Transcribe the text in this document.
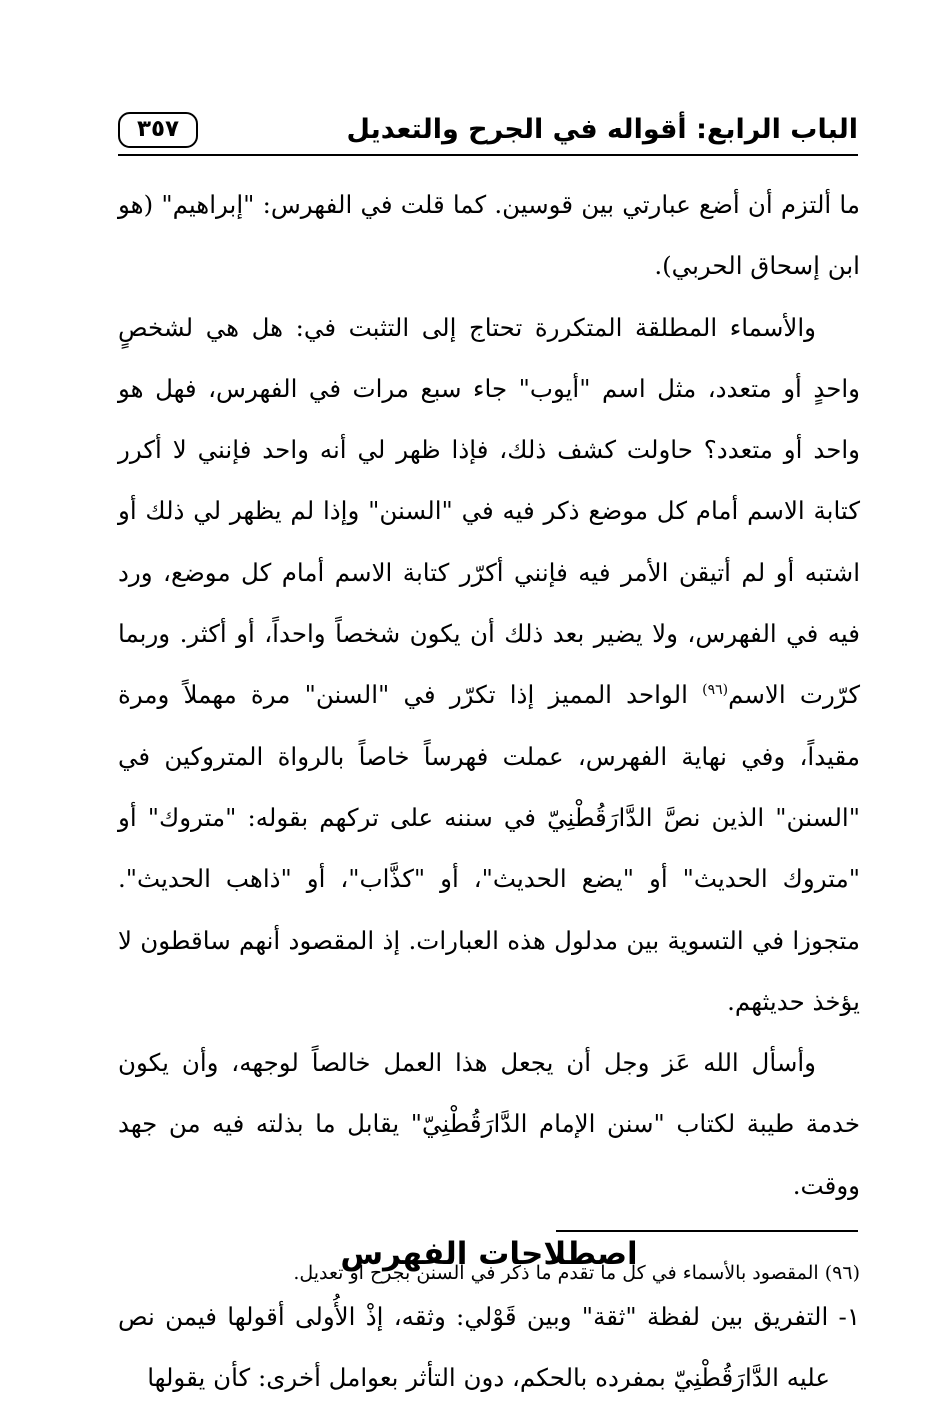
الباب الرابع: أقواله في الجرح والتعديل
٣٥٧

ما ألتزم أن أضع عبارتي بين قوسين. كما قلت في الفهرس: "إبراهيم" (هو ابن إسحاق الحربي).

والأسماء المطلقة المتكررة تحتاج إلى التثبت في: هل هي لشخصٍ واحدٍ أو متعدد، مثل اسم "أيوب" جاء سبع مرات في الفهرس، فهل هو واحد أو متعدد؟ حاولت كشف ذلك، فإذا ظهر لي أنه واحد فإنني لا أكرر كتابة الاسم أمام كل موضع ذكر فيه في "السنن" وإذا لم يظهر لي ذلك أو اشتبه أو لم أتيقن الأمر فيه فإنني أكرّر كتابة الاسم أمام كل موضع، ورد فيه في الفهرس، ولا يضير بعد ذلك أن يكون شخصاً واحداً، أو أكثر. وربما كرّرت الاسم$^{(٩٦)}$ الواحد المميز إذا تكرّر في "السنن" مرة مهملاً ومرة مقيداً، وفي نهاية الفهرس، عملت فهرساً خاصاً بالرواة المتروكين في "السنن" الذين نصَّ الدَّارَقُطْنِيّ في سننه على تركهم بقوله: "متروك" أو "متروك الحديث" أو "يضع الحديث"، أو "كذَّاب"، أو "ذاهب الحديث". متجوزا في التسوية بين مدلول هذه العبارات. إذ المقصود أنهم ساقطون لا يؤخذ حديثهم.

وأسأل الله عَز وجل أن يجعل هذا العمل خالصاً لوجهه، وأن يكون خدمة طيبة لكتاب "سنن الإمام الدَّارَقُطْنِيّ" يقابل ما بذلته فيه من جهد ووقت.

اصطلاحات الفهرس

١- التفريق بين لفظة "ثقة" وبين قَوْلي: وثقه، إذْ الأُولى أقولها فيمن نص عليه الدَّارَقُطْنِيّ بمفرده بالحكم، دون التأثر بعوامل أخرى: كأن يقولها

(٩٦) المقصود بالأسماء في كل ما تقدم ما ذكر في السنن بجرح أو تعديل.
